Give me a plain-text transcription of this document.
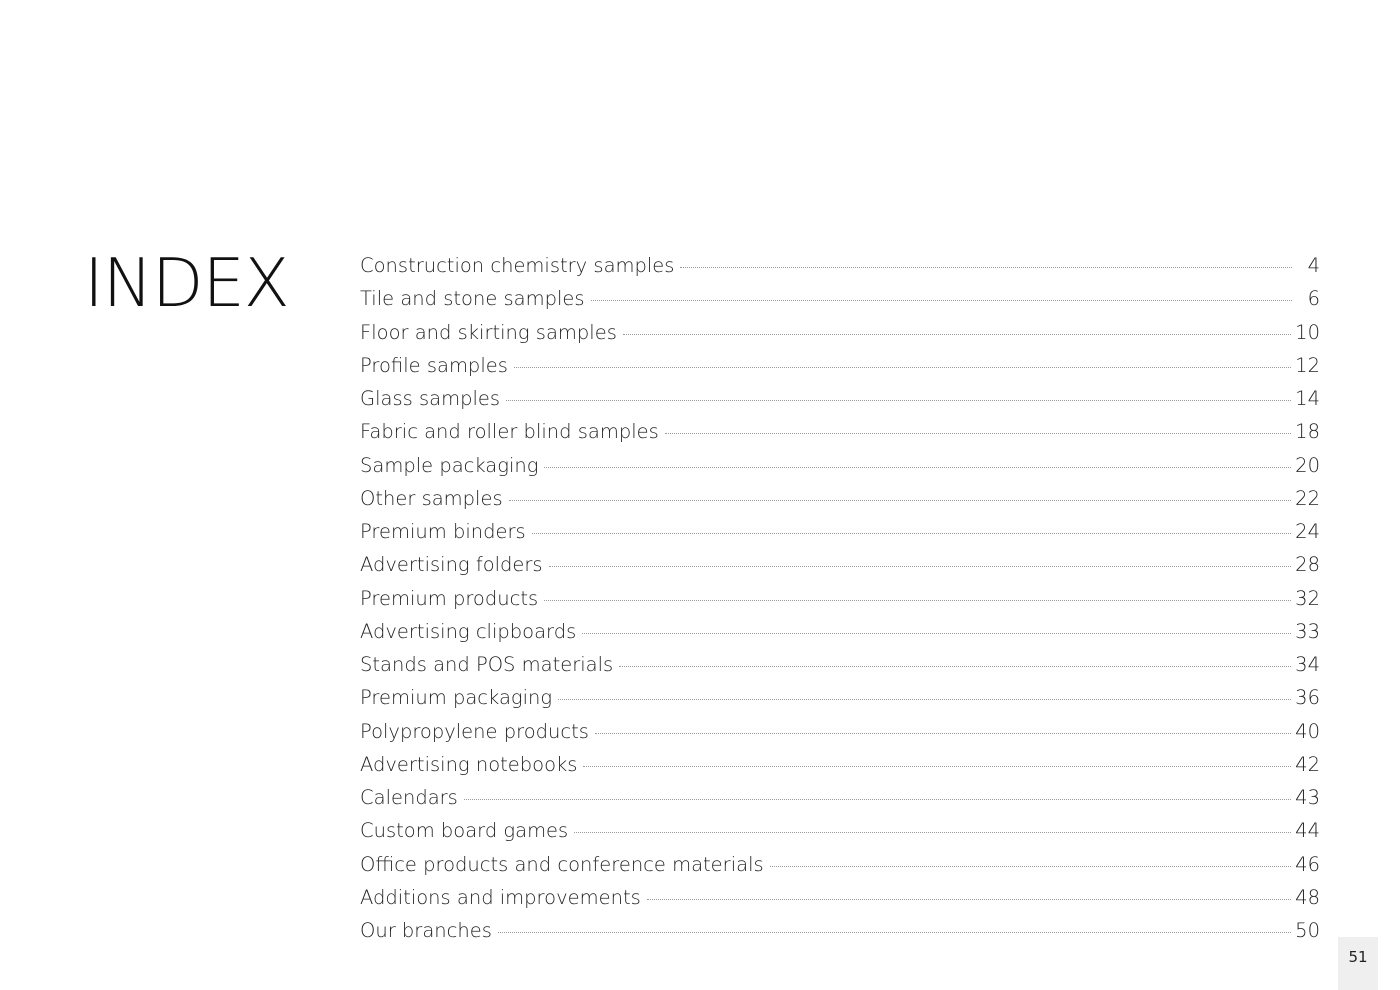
INDEX	Construction chemistry samples	4
Tile and stone samples	6
Floor and skirting samples	10
Profile samples	12
Glass samples	14
Fabric and roller blind samples	18
Sample packaging	20
Other samples	22
Premium binders	24
Advertising folders	28
Premium products	32
Advertising clipboards	33
Stands and POS materials	34
Premium packaging	36
Polypropylene products	40
Advertising notebooks	42
Calendars	43
Custom board games	44
Office products and conference materials	46
Additions and improvements	48
Our branches	50
51
